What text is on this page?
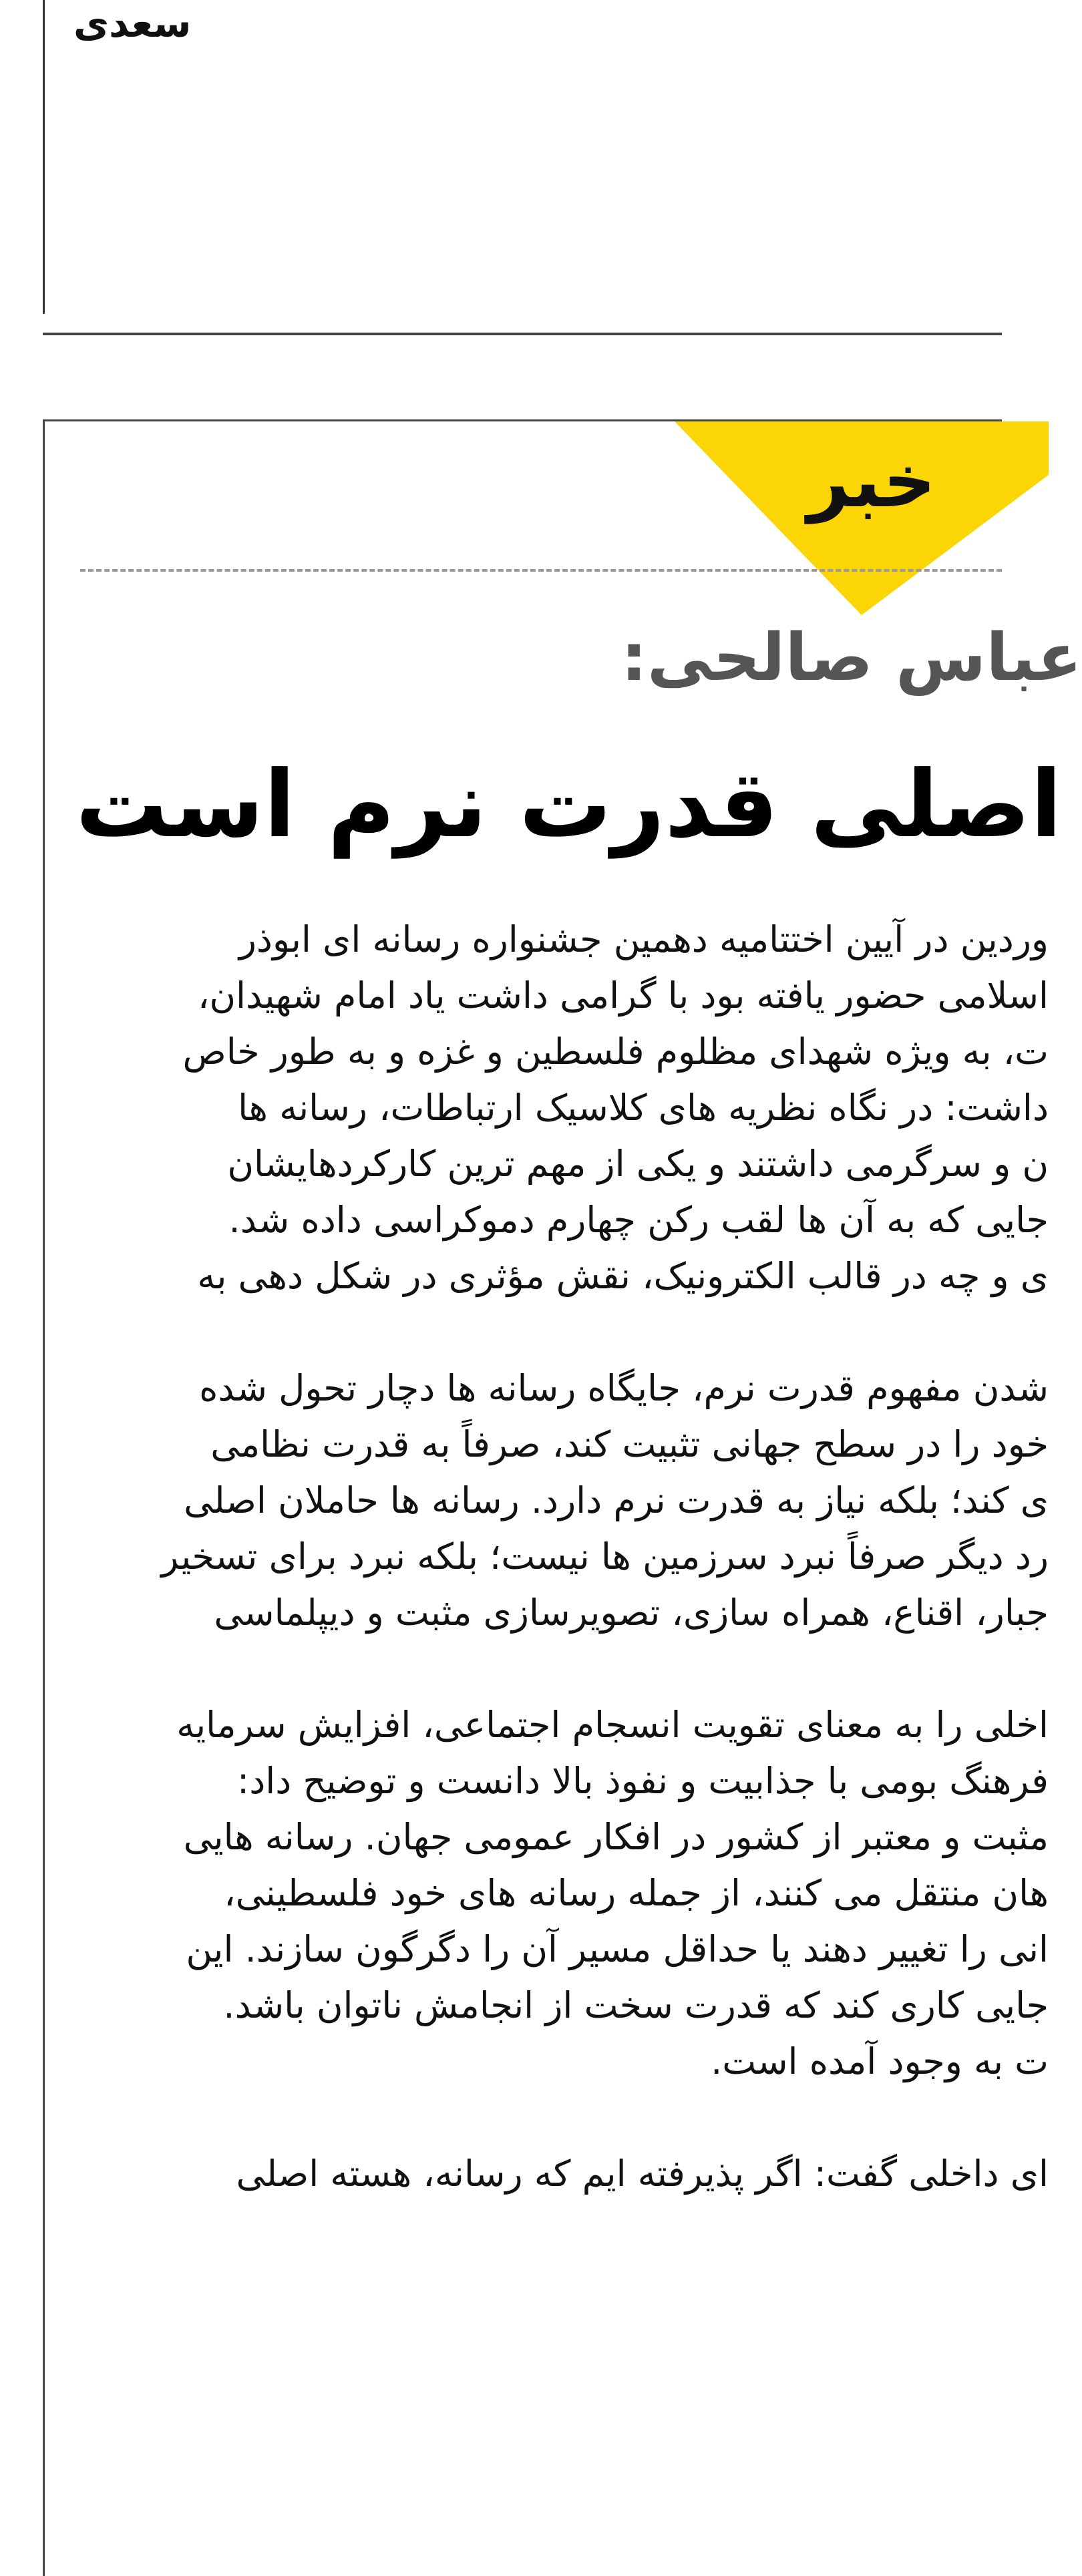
سعدی
خبر
عباس صالحی:
اصلی قدرت نرم است
وردین در آیین اختتامیه دهمین جشنواره رسانه ای ابوذر
اسلامی حضور یافته بود با گرامی داشت یاد امام شهیدان،
ت، به ویژه شهدای مظلوم فلسطین و غزه و به طور خاص
داشت: در نگاه نظریه های کلاسیک ارتباطات، رسانه ها
ن و سرگرمی داشتند و یکی از مهم ترین کارکردهایشان
جایی که به آن ها لقب رکن چهارم دموکراسی داده شد.
ی و چه در قالب الکترونیک، نقش مؤثری در شکل دهی به
شدن مفهوم قدرت نرم، جایگاه رسانه ها دچار تحول شده
خود را در سطح جهانی تثبیت کند، صرفاً به قدرت نظامی
ی کند؛ بلکه نیاز به قدرت نرم دارد. رسانه ها حاملان اصلی
رد دیگر صرفاً نبرد سرزمین ها نیست؛ بلکه نبرد برای تسخیر
جبار، اقناع، همراه سازی، تصویرسازی مثبت و دیپلماسی
اخلی را به معنای تقویت انسجام اجتماعی، افزایش سرمایه
فرهنگ بومی با جذابیت و نفوذ بالا دانست و توضیح داد:
مثبت و معتبر از کشور در افکار عمومی جهان. رسانه هایی
هان منتقل می کنند، از جمله رسانه های خود فلسطینی،
انی را تغییر دهند یا حداقل مسیر آن را دگرگون سازند. این
جایی کاری کند که قدرت سخت از انجامش ناتوان باشد.
ت به وجود آمده است.
ای داخلی گفت: اگر پذیرفته ایم که رسانه، هسته اصلی
